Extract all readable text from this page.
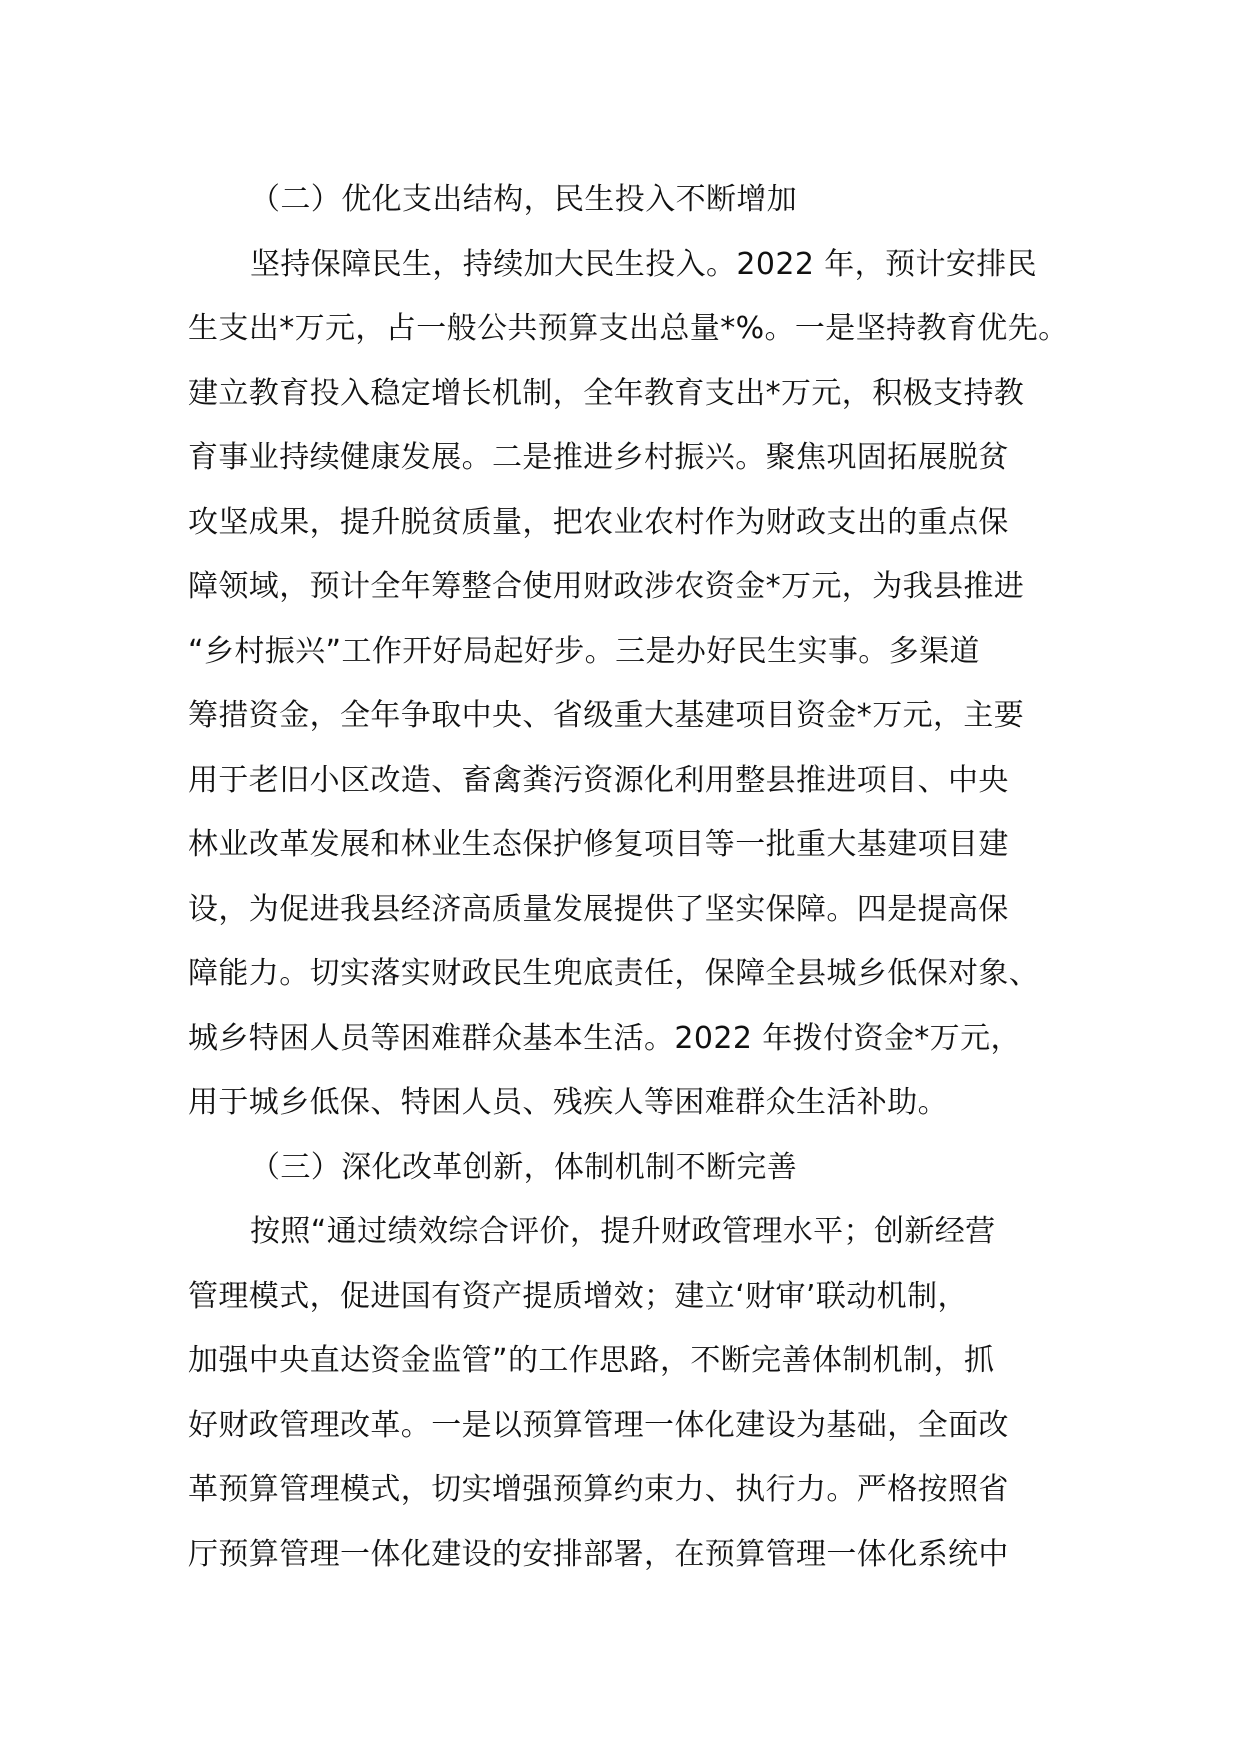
（二）优化支出结构，民生投入不断增加
坚持保障民生，持续加大民生投入。2022 年，预计安排民
生支出*万元，占一般公共预算支出总量*%。一是坚持教育优先。
建立教育投入稳定增长机制，全年教育支出*万元，积极支持教
育事业持续健康发展。二是推进乡村振兴。聚焦巩固拓展脱贫
攻坚成果，提升脱贫质量，把农业农村作为财政支出的重点保
障领域，预计全年筹整合使用财政涉农资金*万元，为我县推进
“乡村振兴”工作开好局起好步。三是办好民生实事。多渠道
筹措资金，全年争取中央、省级重大基建项目资金*万元，主要
用于老旧小区改造、畜禽粪污资源化利用整县推进项目、中央
林业改革发展和林业生态保护修复项目等一批重大基建项目建
设，为促进我县经济高质量发展提供了坚实保障。四是提高保
障能力。切实落实财政民生兜底责任，保障全县城乡低保对象、
城乡特困人员等困难群众基本生活。2022 年拨付资金*万元，
用于城乡低保、特困人员、残疾人等困难群众生活补助。
（三）深化改革创新，体制机制不断完善
按照“通过绩效综合评价，提升财政管理水平；创新经营
管理模式，促进国有资产提质增效；建立‘财审’联动机制，
加强中央直达资金监管”的工作思路，不断完善体制机制，抓
好财政管理改革。一是以预算管理一体化建设为基础，全面改
革预算管理模式，切实增强预算约束力、执行力。严格按照省
厅预算管理一体化建设的安排部署，在预算管理一体化系统中
